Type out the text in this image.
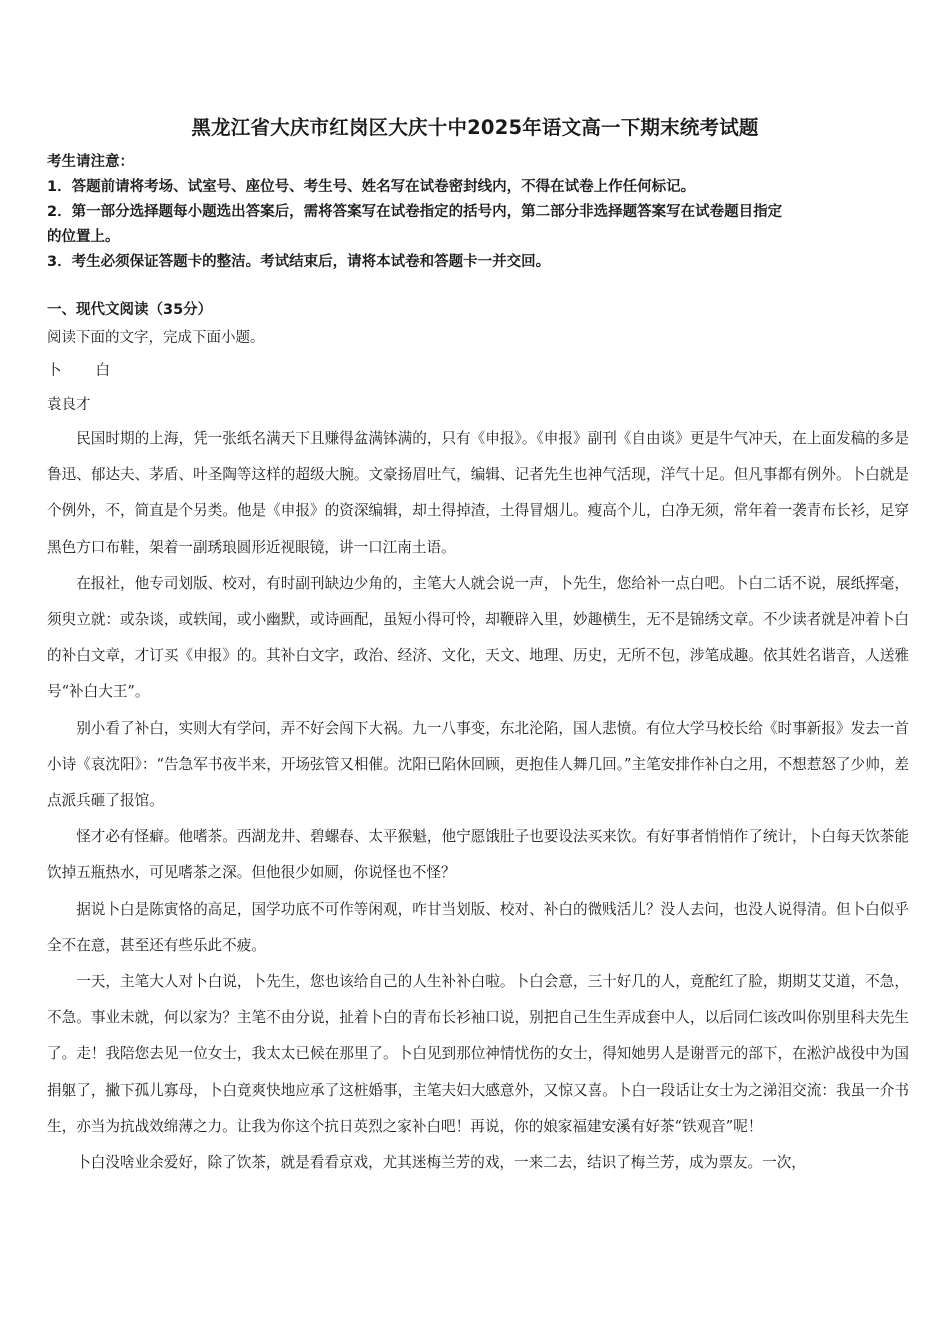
黑龙江省大庆市红岗区大庆十中2025年语文高一下期末统考试题
考生请注意：
1．答题前请将考场、试室号、座位号、考生号、姓名写在试卷密封线内，不得在试卷上作任何标记。
2．第一部分选择题每小题选出答案后，需将答案写在试卷指定的括号内，第二部分非选择题答案写在试卷题目指定
的位置上。
3．考生必须保证答题卡的整洁。考试结束后，请将本试卷和答题卡一并交回。
一、现代文阅读（35分）
阅读下面的文字，完成下面小题。
卜白
袁良才

民国时期的上海，凭一张纸名满天下且赚得盆满钵满的，只有《申报》。《申报》副刊《自由谈》更是牛气冲天，在上面发稿的多是鲁迅、郁达夫、茅盾、叶圣陶等这样的超级大腕。文豪扬眉吐气，编辑、记者先生也神气活现，洋气十足。但凡事都有例外。卜白就是个例外，不，简直是个另类。他是《申报》的资深编辑，却土得掉渣，土得冒烟儿。瘦高个儿，白净无须，常年着一袭青布长衫，足穿黑色方口布鞋，架着一副琇琅圆形近视眼镜，讲一口江南土语。

在报社，他专司划版、校对，有时副刊缺边少角的，主笔大人就会说一声，卜先生，您给补一点白吧。卜白二话不说，展纸挥毫，须臾立就：或杂谈，或轶闻，或小幽默，或诗画配，虽短小得可怜，却鞭辟入里，妙趣横生，无不是锦绣文章。不少读者就是冲着卜白的补白文章，才订买《申报》的。其补白文字，政治、经济、文化，天文、地理、历史，无所不包，涉笔成趣。依其姓名谐音，人送雅号“补白大王”。

别小看了补白，实则大有学问，弄不好会闯下大祸。九一八事变，东北沦陷，国人悲愤。有位大学马校长给《时事新报》发去一首小诗《哀沈阳》：“告急军书夜半来，开场弦管又相催。沈阳已陷休回顾，更抱佳人舞几回。”主笔安排作补白之用，不想惹怒了少帅，差点派兵砸了报馆。

怪才必有怪癖。他嗜茶。西湖龙井、碧螺春、太平猴魁，他宁愿饿肚子也要设法买来饮。有好事者悄悄作了统计，卜白每天饮茶能饮掉五瓶热水，可见嗜茶之深。但他很少如厕，你说怪也不怪？

据说卜白是陈寅恪的高足，国学功底不可作等闲观，咋甘当划版、校对、补白的微贱活儿？没人去问，也没人说得清。但卜白似乎全不在意，甚至还有些乐此不疲。

一天，主笔大人对卜白说，卜先生，您也该给自己的人生补补白啦。卜白会意，三十好几的人，竟酡红了脸，期期艾艾道，不急，不急。事业未就，何以家为？主笔不由分说，扯着卜白的青布长衫袖口说，别把自己生生弄成套中人，以后同仁该改叫你别里科夫先生了。走！我陪您去见一位女士，我太太已候在那里了。卜白见到那位神情忧伤的女士，得知她男人是谢晋元的部下，在淞沪战役中为国捐躯了，撇下孤儿寡母，卜白竟爽快地应承了这桩婚事，主笔夫妇大感意外，又惊又喜。卜白一段话让女士为之涕泪交流：我虽一介书生，亦当为抗战效绵薄之力。让我为你这个抗日英烈之家补白吧！再说，你的娘家福建安溪有好茶“铁观音”呢！

卜白没啥业余爱好，除了饮茶，就是看看京戏，尤其迷梅兰芳的戏，一来二去，结识了梅兰芳，成为票友。一次，
